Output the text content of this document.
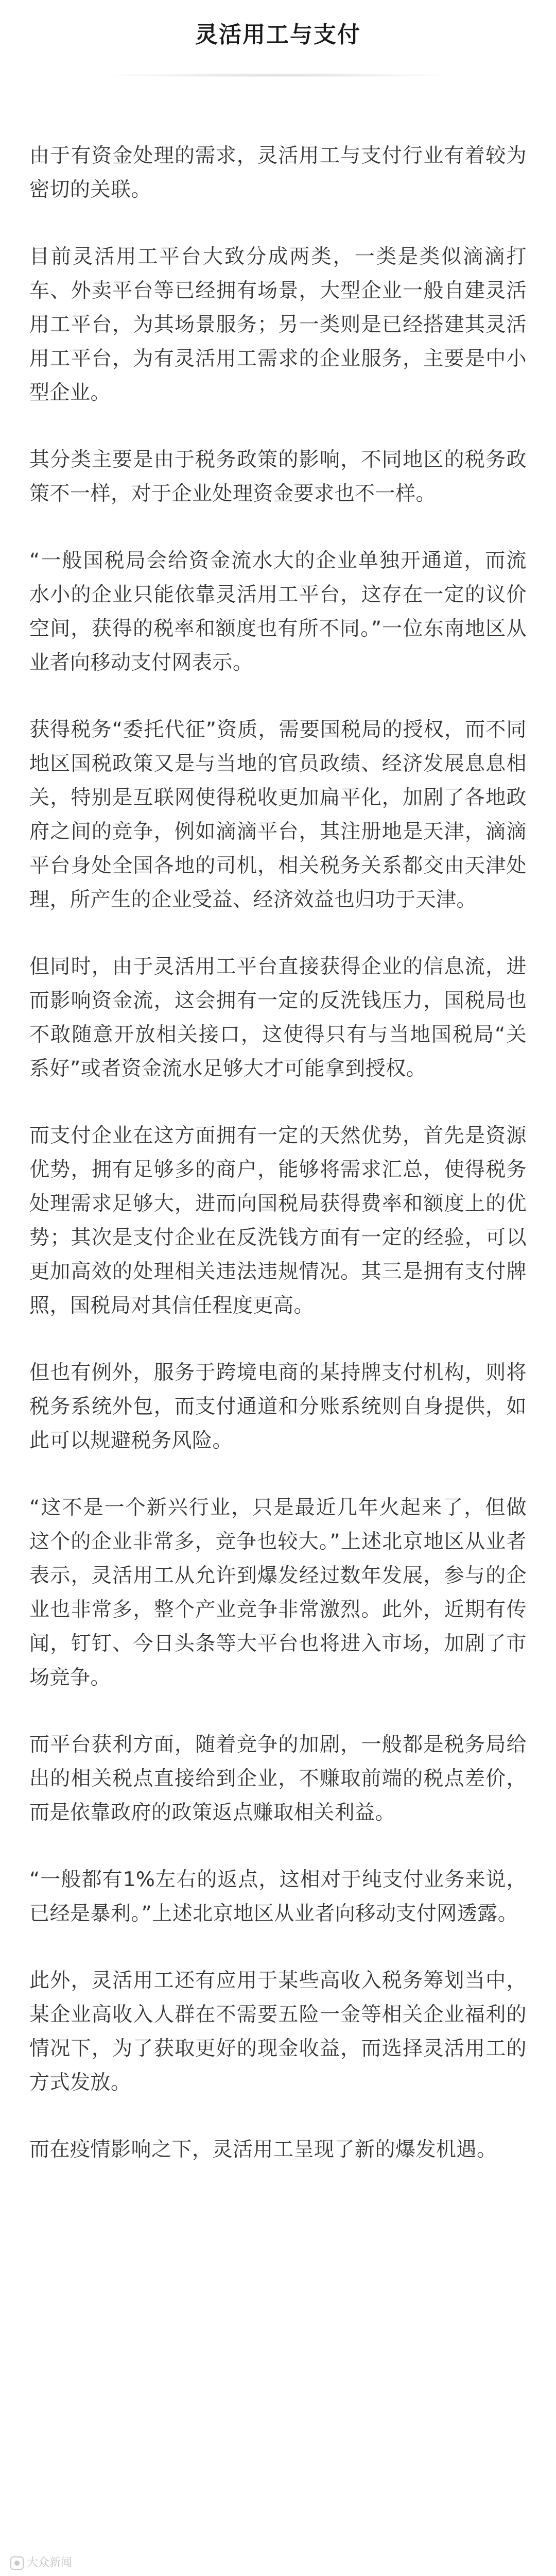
灵活用工与支付

由于有资金处理的需求，灵活用工与支付行业有着较为密切的关联。

目前灵活用工平台大致分成两类，一类是类似滴滴打车、外卖平台等已经拥有场景，大型企业一般自建灵活用工平台，为其场景服务；另一类则是已经搭建其灵活用工平台，为有灵活用工需求的企业服务，主要是中小型企业。

其分类主要是由于税务政策的影响，不同地区的税务政策不一样，对于企业处理资金要求也不一样。

“一般国税局会给资金流水大的企业单独开通道，而流水小的企业只能依靠灵活用工平台，这存在一定的议价空间，获得的税率和额度也有所不同。”一位东南地区从业者向移动支付网表示。

获得税务“委托代征”资质，需要国税局的授权，而不同地区国税政策又是与当地的官员政绩、经济发展息息相关，特别是互联网使得税收更加扁平化，加剧了各地政府之间的竞争，例如滴滴平台，其注册地是天津，滴滴平台身处全国各地的司机，相关税务关系都交由天津处理，所产生的企业受益、经济效益也归功于天津。

但同时，由于灵活用工平台直接获得企业的信息流，进而影响资金流，这会拥有一定的反洗钱压力，国税局也不敢随意开放相关接口，这使得只有与当地国税局“关系好”或者资金流水足够大才可能拿到授权。

而支付企业在这方面拥有一定的天然优势，首先是资源优势，拥有足够多的商户，能够将需求汇总，使得税务处理需求足够大，进而向国税局获得费率和额度上的优势；其次是支付企业在反洗钱方面有一定的经验，可以更加高效的处理相关违法违规情况。其三是拥有支付牌照，国税局对其信任程度更高。

但也有例外，服务于跨境电商的某持牌支付机构，则将税务系统外包，而支付通道和分账系统则自身提供，如此可以规避税务风险。

“这不是一个新兴行业，只是最近几年火起来了，但做这个的企业非常多，竞争也较大。”上述北京地区从业者表示，灵活用工从允许到爆发经过数年发展，参与的企业也非常多，整个产业竞争非常激烈。此外，近期有传闻，钉钉、今日头条等大平台也将进入市场，加剧了市场竞争。

而平台获利方面，随着竞争的加剧，一般都是税务局给出的相关税点直接给到企业，不赚取前端的税点差价，而是依靠政府的政策返点赚取相关利益。

“一般都有1%左右的返点，这相对于纯支付业务来说，已经是暴利。”上述北京地区从业者向移动支付网透露。

此外，灵活用工还有应用于某些高收入税务筹划当中，某企业高收入人群在不需要五险一金等相关企业福利的情况下，为了获取更好的现金收益，而选择灵活用工的方式发放。

而在疫情影响之下，灵活用工呈现了新的爆发机遇。

大众新闻
